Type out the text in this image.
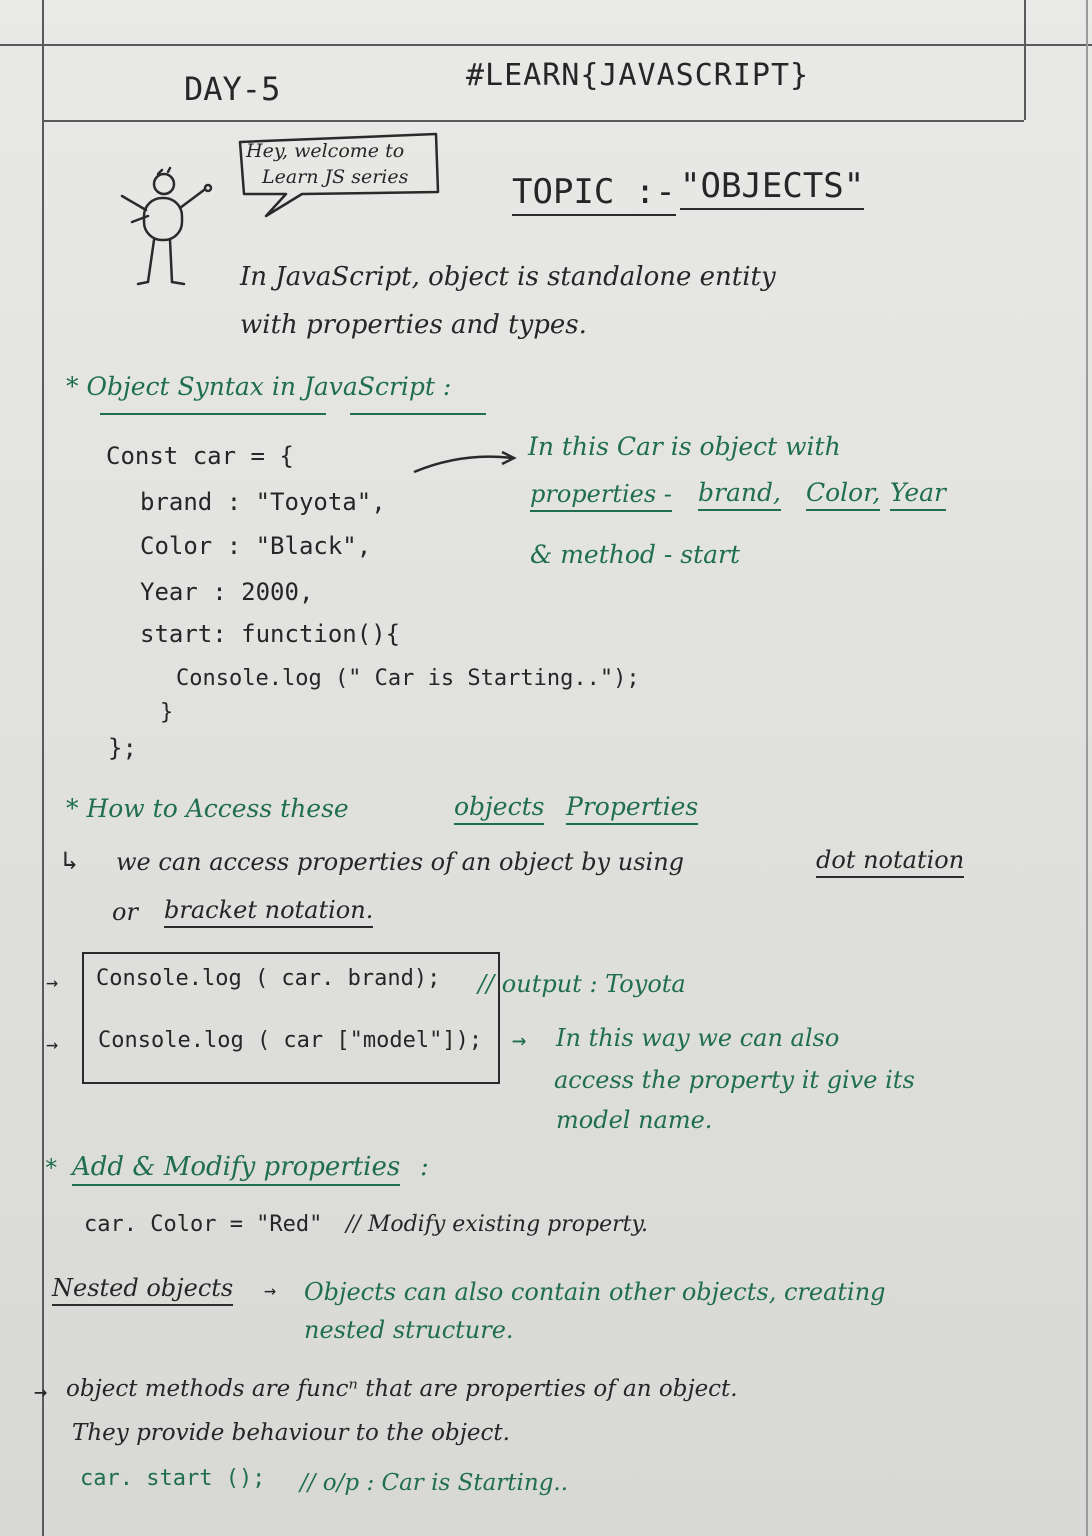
DAY-5	#LEARN{JAVASCRIPT}
Hey, welcome to
Learn JS series	TOPIC :- "OBJECTS"
In JavaScript, object is standalone entity
with properties and types.
* Object Syntax in JavaScript :
Const car = {
brand : "Toyota",
Color : "Black",
Year : 2000,
start: function(){
Console.log (" Car is Starting..");
}
};
In this Car is object with
properties - brand, Color, Year
& method - start
* How to Access these	objects Properties
↳ we can access properties of an object by using	dot notation
or bracket notation.
→
→
Console.log ( car. brand); // output : Toyota
Console.log ( car ["model"]); → In this way we can also
access the property it give its
model name.
* Add & Modify properties :
car. Color = "Red" // Modify existing property.
Nested objects → Objects can also contain other objects, creating
nested structure.
→ object methods are funcⁿ that are properties of an object.
They provide behaviour to the object.
car. start (); // o/p : Car is Starting..
